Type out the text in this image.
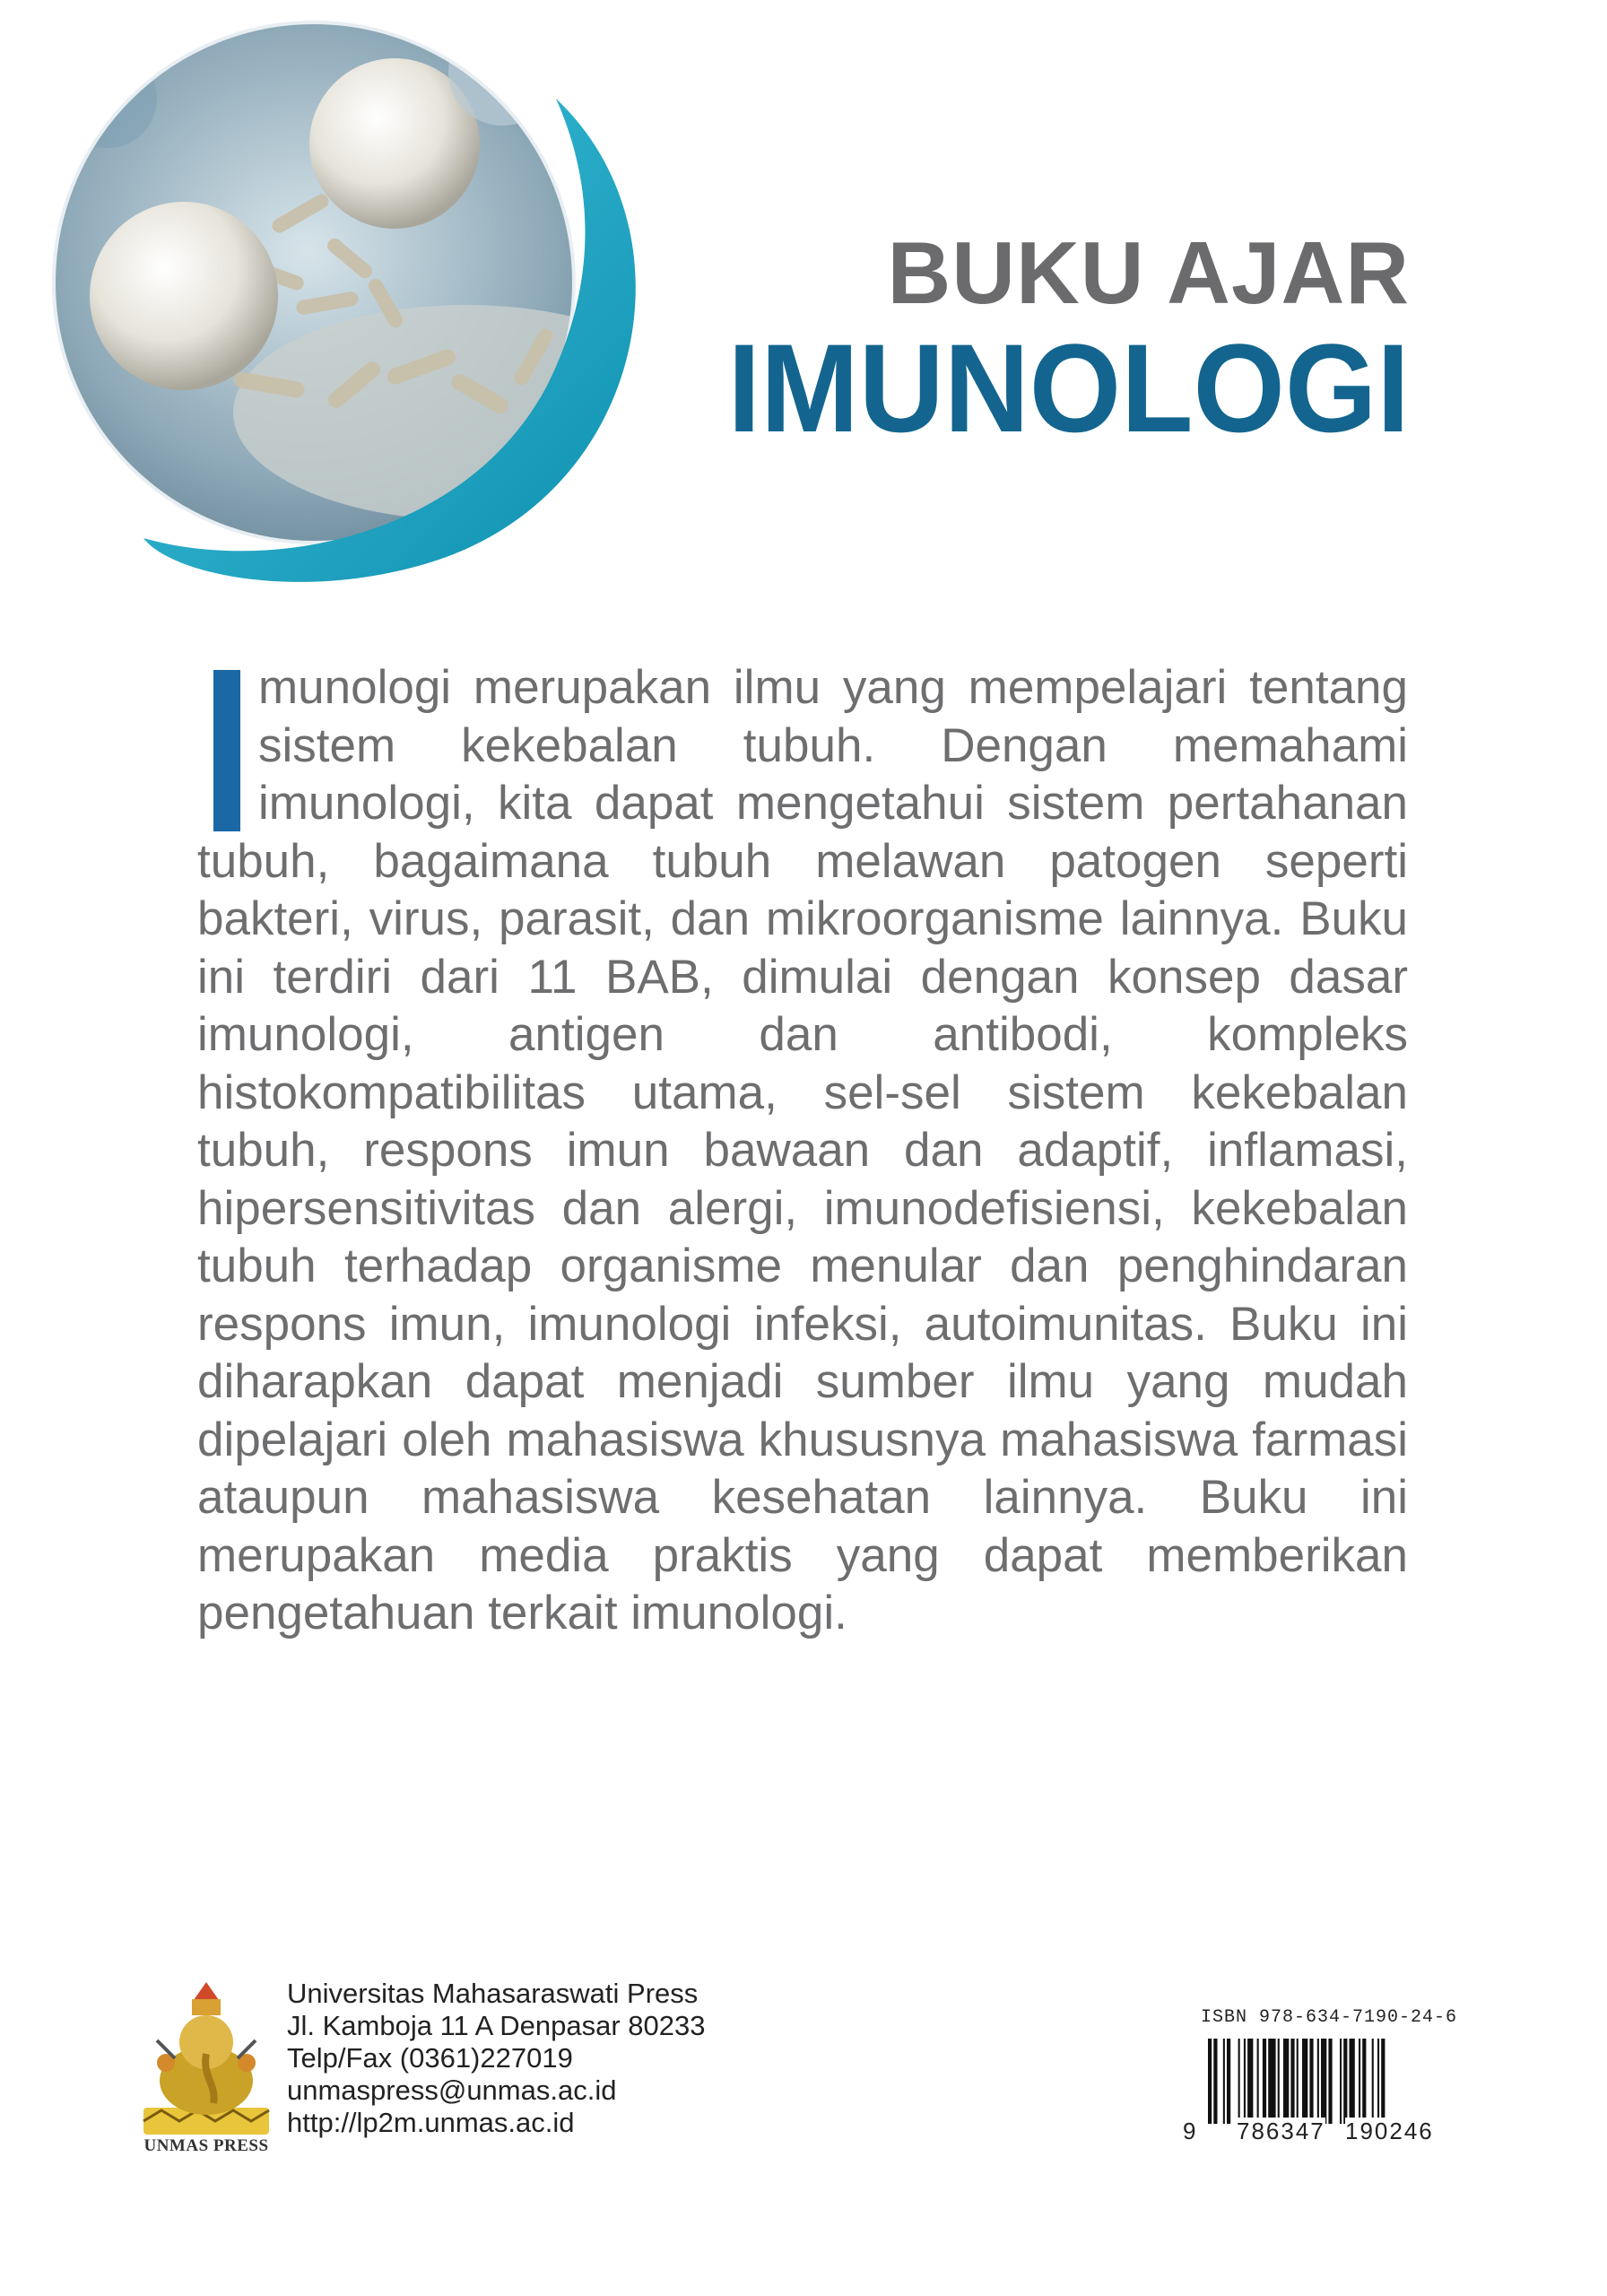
BUKU AJAR
IMUNOLOGI
munologi merupakan ilmu yang mempelajari tentang sistem kekebalan tubuh. Dengan memahami imunologi, kita dapat mengetahui sistem pertahanan tubuh, bagaimana tubuh melawan patogen seperti bakteri, virus, parasit, dan mikroorganisme lainnya. Buku ini terdiri dari 11 BAB, dimulai dengan konsep dasar imunologi, antigen dan antibodi, kompleks histokompatibilitas utama, sel-sel sistem kekebalan tubuh, respons imun bawaan dan adaptif, inflamasi, hipersensitivitas dan alergi, imunodefisiensi, kekebalan tubuh terhadap organisme menular dan penghindaran respons imun, imunologi infeksi, autoimunitas. Buku ini diharapkan dapat menjadi sumber ilmu yang mudah dipelajari oleh mahasiswa khususnya mahasiswa farmasi ataupun mahasiswa kesehatan lainnya. Buku ini merupakan media praktis yang dapat memberikan pengetahuan terkait imunologi.
UNMAS PRESS
Universitas Mahasaraswati Press
Jl. Kamboja 11 A Denpasar 80233
Telp/Fax (0361)227019
unmaspress@unmas.ac.id
http://lp2m.unmas.ac.id
ISBN 978-634-7190-24-6
9 786347 190246
